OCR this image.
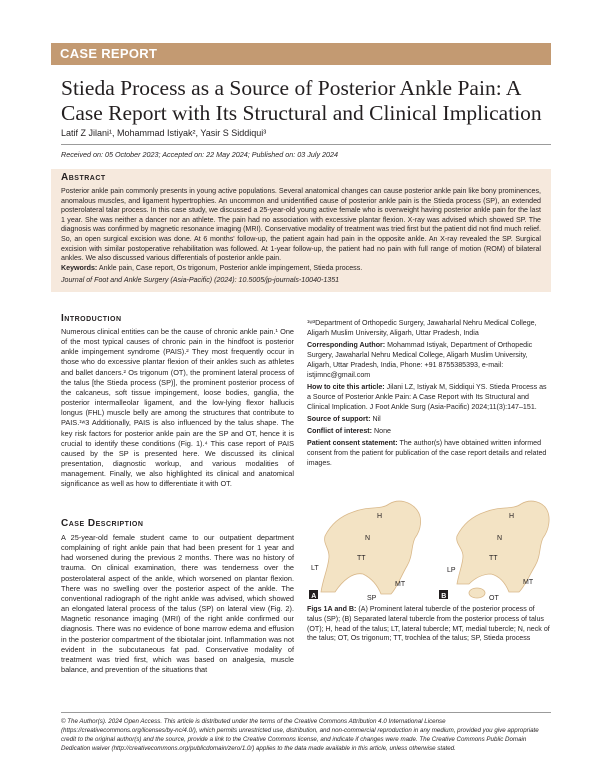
CASE REPORT
Stieda Process as a Source of Posterior Ankle Pain: A Case Report with Its Structural and Clinical Implication
Latif Z Jilani¹, Mohammad Istiyak², Yasir S Siddiqui³
Received on: 05 October 2023; Accepted on: 22 May 2024; Published on: 03 July 2024
Abstract
Posterior ankle pain commonly presents in young active populations. Several anatomical changes can cause posterior ankle pain like bony prominences, anomalous muscles, and ligament hypertrophies. An uncommon and unidentified cause of posterior ankle pain is the Stieda process (SP), an extended posterolateral talar process. In this case study, we discussed a 25-year-old young active female who is overweight having posterior ankle pain for the last 1 year. She was neither a dancer nor an athlete. The pain had no association with excessive plantar flexion. X-ray was advised which showed SP. The diagnosis was confirmed by magnetic resonance imaging (MRI). Conservative modality of treatment was tried first but the patient did not find much relief. So, an open surgical excision was done. At 6 months' follow-up, the patient again had pain in the opposite ankle. An X-ray revealed the SP. Surgical excision with similar postoperative rehabilitation was followed. At 1-year follow-up, the patient had no pain with full range of motion (ROM) of bilateral ankles. We also discussed various differentials of posterior ankle pain.
Keywords: Ankle pain, Case report, Os trigonum, Posterior ankle impingement, Stieda process.
Journal of Foot and Ankle Surgery (Asia-Pacific) (2024): 10.5005/jp-journals-10040-1351
Introduction
Numerous clinical entities can be the cause of chronic ankle pain.¹ One of the most typical causes of chronic pain in the hindfoot is posterior ankle impingement syndrome (PAIS).² They most frequently occur in those who do excessive plantar flexion of their ankles such as athletes and ballet dancers.² Os trigonum (OT), the prominent lateral process of the talus [the Stieda process (SP)], the prominent posterior process of the calcaneus, soft tissue impingement, loose bodies, ganglia, the posterior intermalleolar ligament, and the low-lying flexor hallucis longus (FHL) muscle belly are among the structures that contribute to PAIS.¹ʷ3 Additionally, PAIS is also influenced by the talus shape. The key risk factors for posterior ankle pain are the SP and OT, hence it is crucial to identify these conditions (Fig. 1).⁴ This case report of PAIS caused by the SP is presented here. We discussed its clinical presentation, diagnostic workup, and various modalities of management. Finally, we also highlighted its clinical and anatomical significance as well as how to differentiate it with OT.
Case Description
A 25-year-old female student came to our outpatient department complaining of right ankle pain that had been present for 1 year and had worsened during the previous 2 months. There was no history of trauma. On clinical examination, there was tenderness over the posterolateral aspect of the ankle, which worsened on plantar flexion. There was no swelling over the posterior aspect of the ankle. The conventional radiograph of the right ankle was advised, which showed an elongated lateral process of the talus (SP) on lateral view (Fig. 2). Magnetic resonance imaging (MRI) of the right ankle confirmed our diagnosis. There was no evidence of bone marrow edema and effusion in the posterior compartment of the tibiotalar joint. Inflammation was not evident in the subcutaneous fat pad. Conservative modality of treatment was tried first, which was based on analgesia, muscle balance, and prevention of the situations that

¹ʷ³Department of Orthopedic Surgery, Jawaharlal Nehru Medical College, Aligarh Muslim University, Aligarh, Uttar Pradesh, India

Corresponding Author: Mohammad Istiyak, Department of Orthopedic Surgery, Jawaharlal Nehru Medical College, Aligarh Muslim University, Aligarh, Uttar Pradesh, India, Phone: +91 8755385393, e-mail: istjimnc@gmail.com

How to cite this article: Jilani LZ, Istiyak M, Siddiqui YS. Stieda Process as a Source of Posterior Ankle Pain: A Case Report with Its Structural and Clinical Implication. J Foot Ankle Surg (Asia-Pacific) 2024;11(3):147–151.

Source of support: Nil

Conflict of interest: None

Patient consent statement: The author(s) have obtained written informed consent from the patient for publication of the case report details and related images.

H
N
TT
LT
MT
SP
A
H
N
TT
LP
MT
OT
B
Figs 1A and B: (A) Prominent lateral tubercle of the posterior process of talus (SP); (B) Separated lateral tubercle from the posterior process of talus (OT); H, head of the talus; LT, lateral tubercle; MT, medial tubercle; N, neck of the talus; OT, Os trigonum; TT, trochlea of the talus; SP, Stieda process
© The Author(s). 2024 Open Access. This article is distributed under the terms of the Creative Commons Attribution 4.0 International License (https://creativecommons.org/licenses/by-nc/4.0/), which permits unrestricted use, distribution, and non-commercial reproduction in any medium, provided you give appropriate credit to the original author(s) and the source, provide a link to the Creative Commons license, and indicate if changes were made. The Creative Commons Public Domain Dedication waiver (http://creativecommons.org/publicdomain/zero/1.0/) applies to the data made available in this article, unless otherwise stated.
